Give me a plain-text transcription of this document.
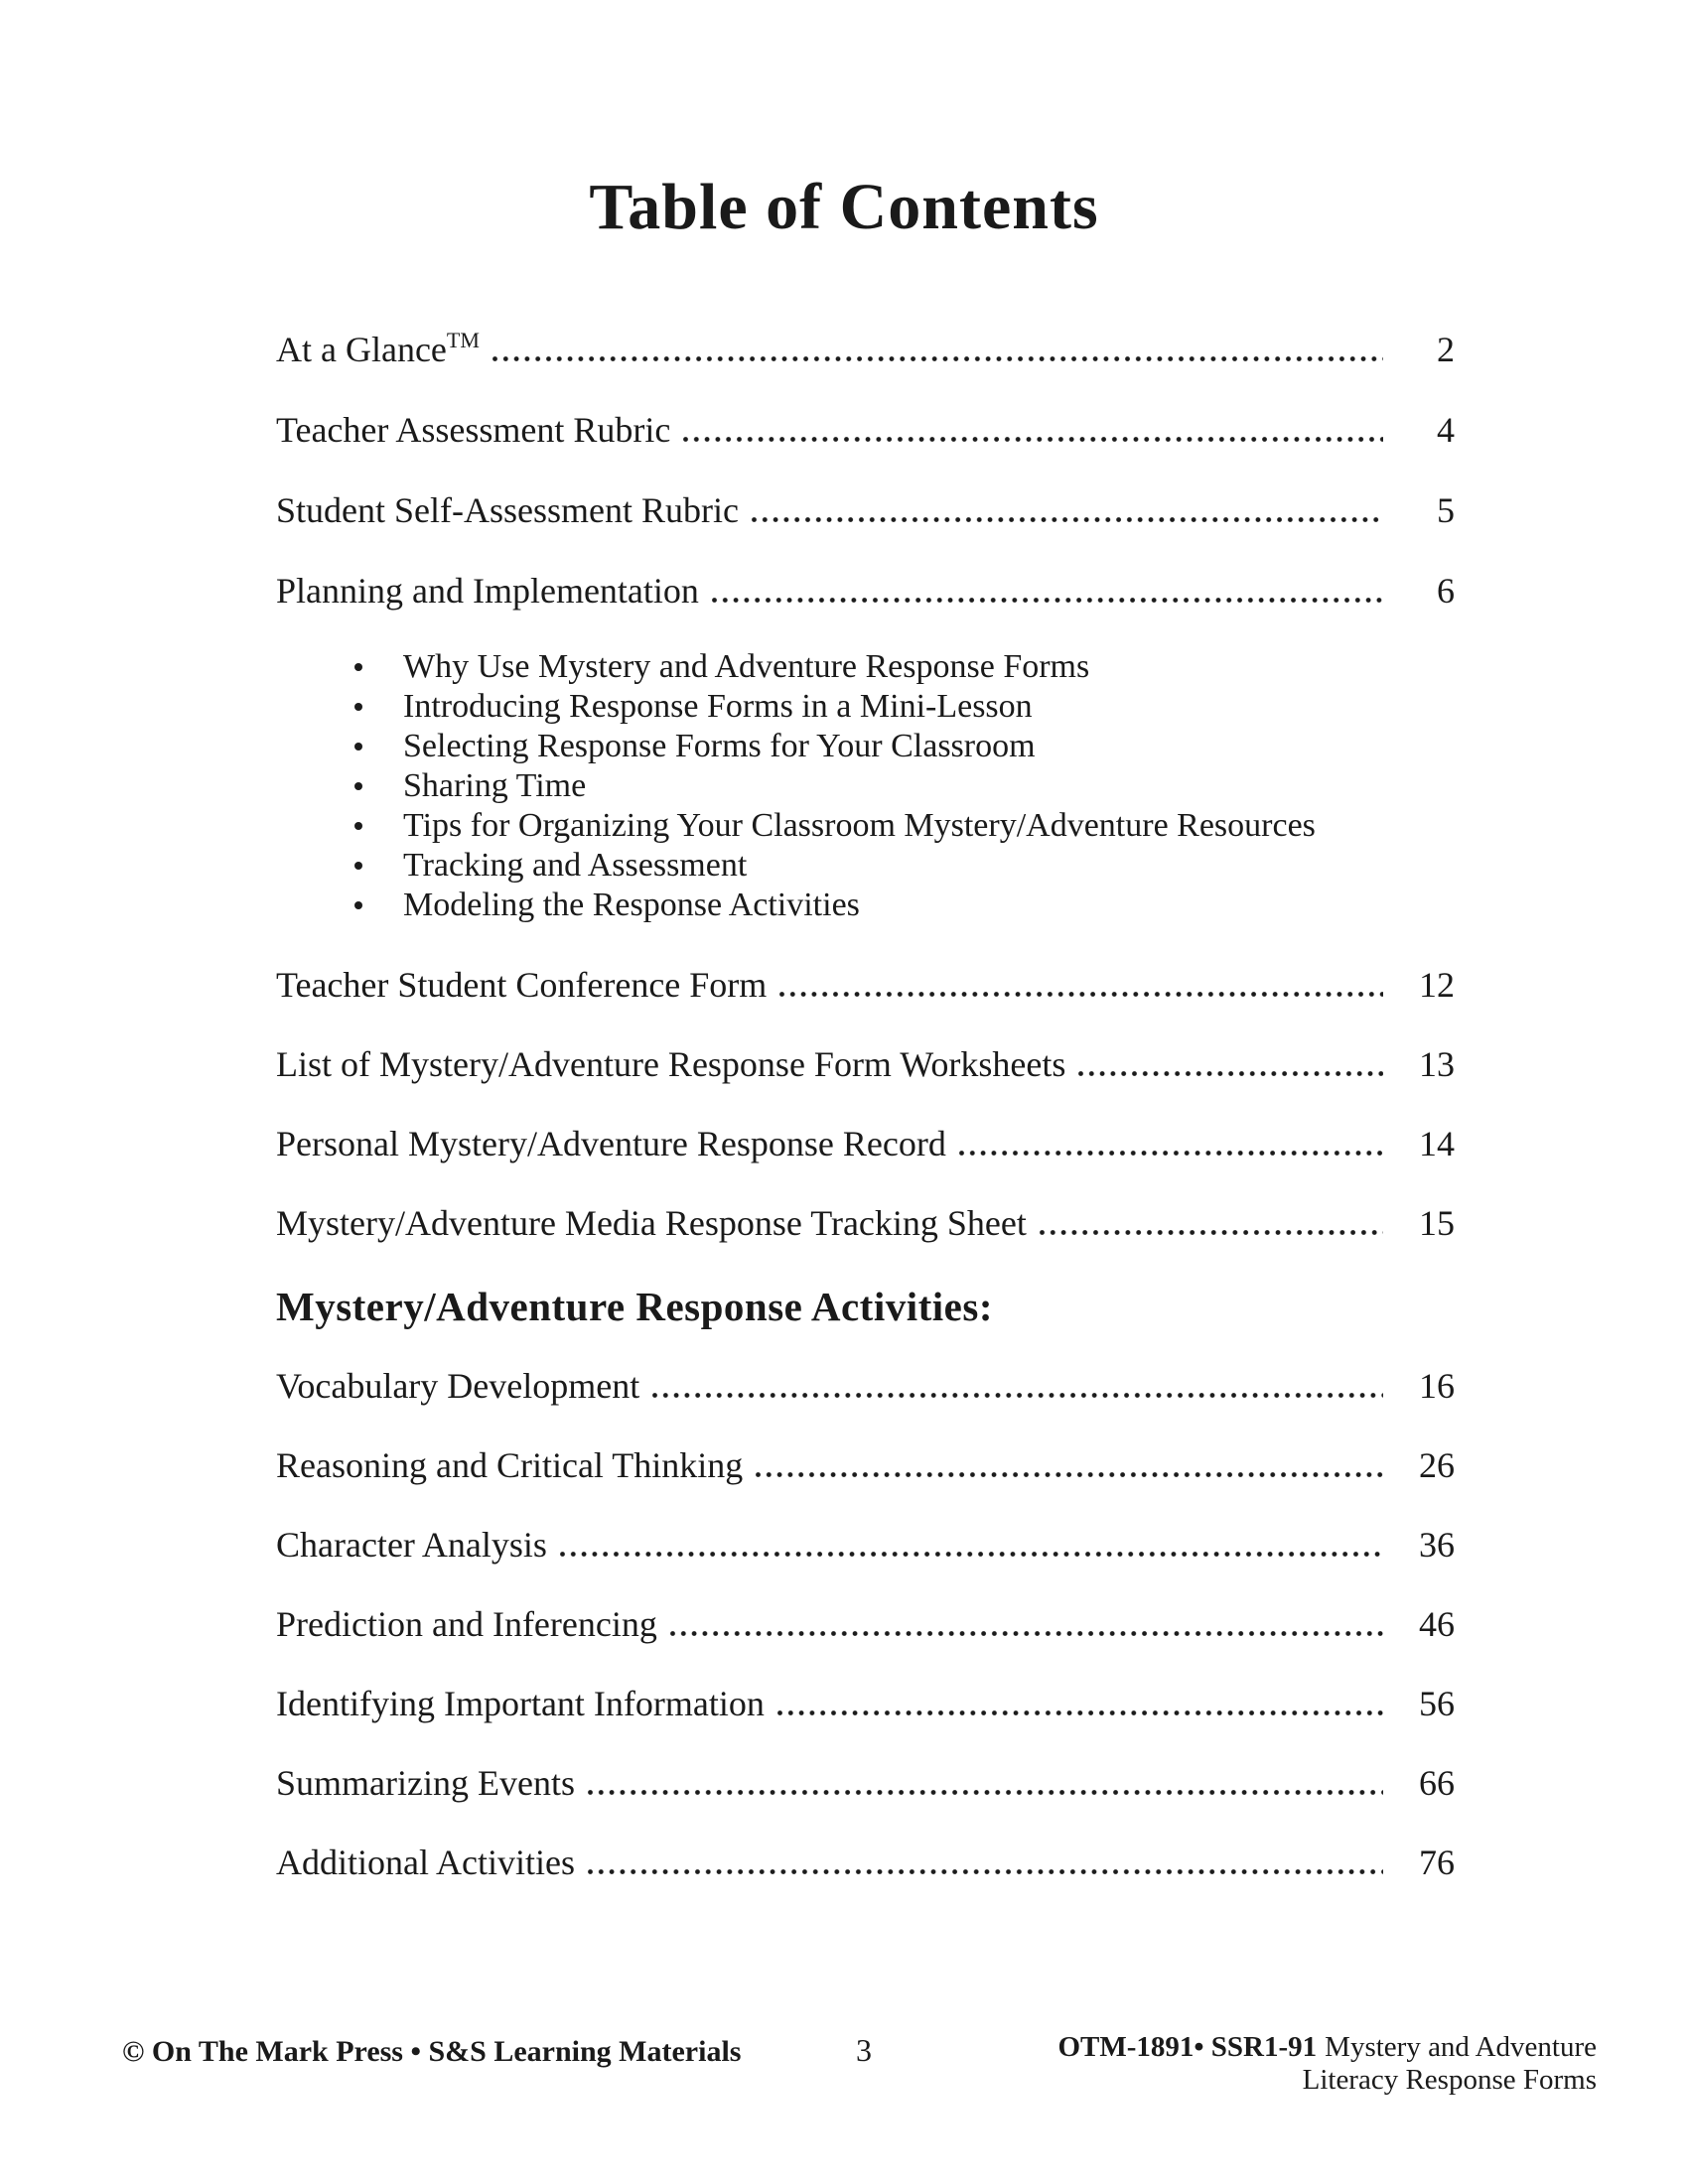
Table of Contents
At a Glance™	2
Teacher Assessment Rubric	4
Student Self-Assessment Rubric	5
Planning and Implementation	6
Why Use Mystery and Adventure Response Forms
Introducing Response Forms in a Mini-Lesson
Selecting Response Forms for Your Classroom
Sharing Time
Tips for Organizing Your Classroom Mystery/Adventure Resources
Tracking and Assessment
Modeling the Response Activities
Teacher Student Conference Form	12
List of Mystery/Adventure Response Form Worksheets	13
Personal Mystery/Adventure Response Record	14
Mystery/Adventure Media Response Tracking Sheet	15
Mystery/Adventure Response Activities:
Vocabulary Development	16
Reasoning and Critical Thinking	26
Character Analysis	36
Prediction and Inferencing	46
Identifying Important Information	56
Summarizing Events	66
Additional Activities	76
© On The Mark Press • S&S Learning Materials	3	OTM-1891• SSR1-91 Mystery and Adventure
Literacy Response Forms
